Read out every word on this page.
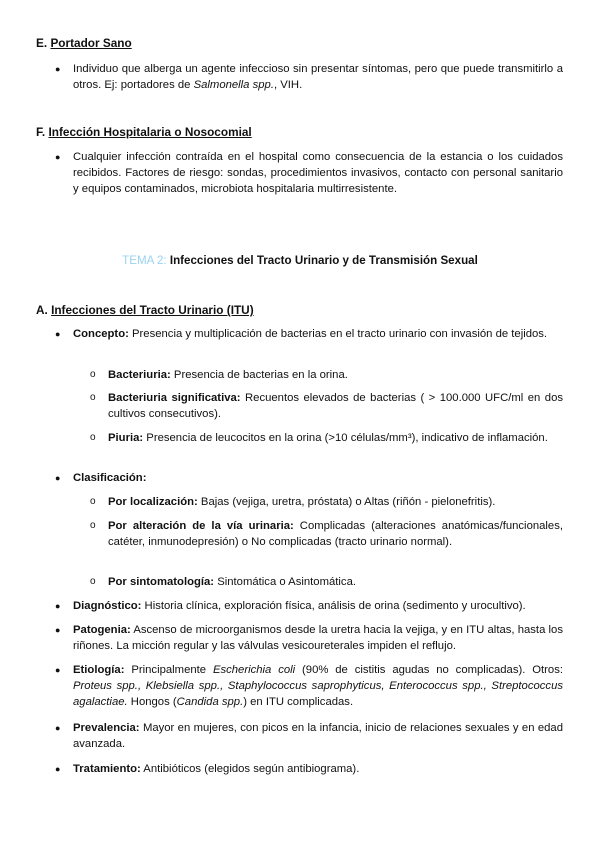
E. Portador Sano
● Individuo que alberga un agente infeccioso sin presentar síntomas, pero que puede transmitirlo a otros. Ej: portadores de Salmonella spp., VIH.
F. Infección Hospitalaria o Nosocomial
● Cualquier infección contraída en el hospital como consecuencia de la estancia o los cuidados recibidos. Factores de riesgo: sondas, procedimientos invasivos, contacto con personal sanitario y equipos contaminados, microbiota hospitalaria multirresistente.
TEMA 2: Infecciones del Tracto Urinario y de Transmisión Sexual
A. Infecciones del Tracto Urinario (ITU)
● Concepto: Presencia y multiplicación de bacterias en el tracto urinario con invasión de tejidos.
o Bacteriuria: Presencia de bacterias en la orina.
o Bacteriuria significativa: Recuentos elevados de bacterias ( > 100.000 UFC/ml en dos cultivos consecutivos).
o Piuria: Presencia de leucocitos en la orina (>10 células/mm³), indicativo de inflamación.
● Clasificación:
o Por localización: Bajas (vejiga, uretra, próstata) o Altas (riñón - pielonefritis).
o Por alteración de la vía urinaria: Complicadas (alteraciones anatómicas/funcionales, catéter, inmunodepresión) o No complicadas (tracto urinario normal).
o Por sintomatología: Sintomática o Asintomática.
● Diagnóstico: Historia clínica, exploración física, análisis de orina (sedimento y urocultivo).
● Patogenia: Ascenso de microorganismos desde la uretra hacia la vejiga, y en ITU altas, hasta los riñones. La micción regular y las válvulas vesicoureterales impiden el reflujo.
● Etiología: Principalmente Escherichia coli (90% de cistitis agudas no complicadas). Otros: Proteus spp., Klebsiella spp., Staphylococcus saprophyticus, Enterococcus spp., Streptococcus agalactiae. Hongos (Candida spp.) en ITU complicadas.
● Prevalencia: Mayor en mujeres, con picos en la infancia, inicio de relaciones sexuales y en edad avanzada.
● Tratamiento: Antibióticos (elegidos según antibiograma).
